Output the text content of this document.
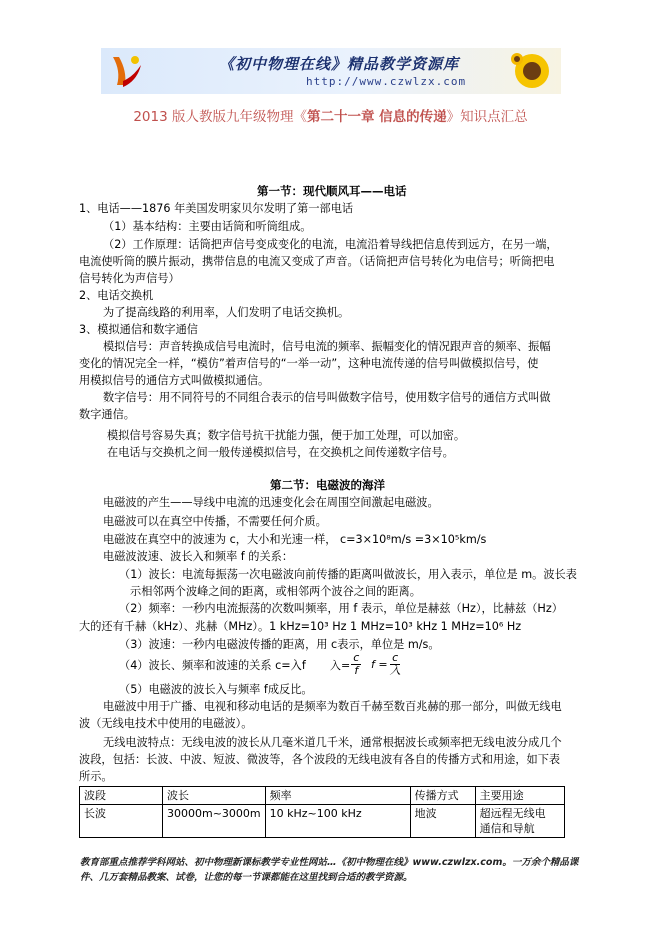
《初中物理在线》精品教学资源库
http://www.czwlzx.com
2013 版人教版九年级物理《第二十一章 信息的传递》知识点汇总
第一节：现代顺风耳——电话
1、电话——1876 年美国发明家贝尔发明了第一部电话
（1）基本结构：主要由话筒和听筒组成。
（2）工作原理：话筒把声信号变成变化的电流，电流沿着导线把信息传到远方，在另一端，
电流使听筒的膜片振动，携带信息的电流又变成了声音。（话筒把声信号转化为电信号；听筒把电
信号转化为声信号）
2、电话交换机
为了提高线路的利用率，人们发明了电话交换机。
3、模拟通信和数字通信
模拟信号：声音转换成信号电流时，信号电流的频率、振幅变化的情况跟声音的频率、振幅
变化的情况完全一样，“模仿”着声信号的“一举一动”，这种电流传递的信号叫做模拟信号，使
用模拟信号的通信方式叫做模拟通信。
数字信号：用不同符号的不同组合表示的信号叫做数字信号，使用数字信号的通信方式叫做
数字通信。
模拟信号容易失真；数字信号抗干扰能力强，便于加工处理，可以加密。
在电话与交换机之间一般传递模拟信号，在交换机之间传递数字信号。
第二节：电磁波的海洋
电磁波的产生——导线中电流的迅速变化会在周围空间激起电磁波。
电磁波可以在真空中传播，不需要任何介质。
电磁波在真空中的波速为 c，大小和光速一样， c=3×10⁸m/s =3×10⁵km/s
电磁波波速、波长入和频率 f 的关系：
（1）波长：电流每振荡一次电磁波向前传播的距离叫做波长，用入表示，单位是 m。波长表
示相邻两个波峰之间的距离，或相邻两个波谷之间的距离。
（2）频率：一秒内电流振荡的次数叫频率，用 f 表示，单位是赫兹（Hz），比赫兹（Hz）
大的还有千赫（kHz）、兆赫（MHz）。1 kHz=10³ Hz 1 MHz=10³ kHz 1 MHz=10⁶ Hz
（3）波速：一秒内电磁波传播的距离，用 c表示，单位是 m/s。
（4）波长、频率和波速的关系 c=入f 入= $\frac{c}{f}$ f =
c
入
（5）电磁波的波长入与频率 f成反比。
电磁波中用于广播、电视和移动电话的是频率为数百千赫至数百兆赫的那一部分，叫做无线电
波（无线电技术中使用的电磁波）。
无线电波特点：无线电波的波长从几毫米道几千米，通常根据波长或频率把无线电波分成几个
波段，包括：长波、中波、短波、微波等，各个波段的无线电波有各自的传播方式和用途，如下表
所示。
波段	波长	频率	传播方式	主要用途
长波	30000m~3000m	10 kHz~100 kHz	地波	超远程无线电
通信和导航
教育部重点推荐学科网站、初中物理新课标教学专业性网站…《初中物理在线》www.czwlzx.com。一万余个精品课
件、几万套精品教案、试卷，让您的每一节课都能在这里找到合适的教学资源。
